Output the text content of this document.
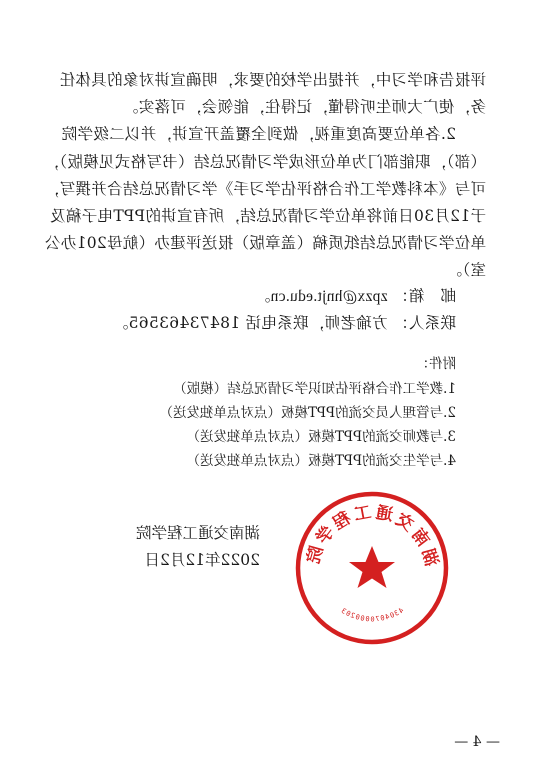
评报告和学习中，并提出学校的要求，明确宣讲对象的具体任
务，使广大师生听得懂，记得住，能领会，可落实。
2.各单位要高度重视，做到全覆盖开宣讲，并以二级学院
（部），职能部门为单位形成学习情况总结（书写格式见模版），
可与《本科教学工作合格评估学习手》学习情况总结合并撰写，
于12月30日前将单位学习情况总结，所有宣讲的PPT电子稿及
单位学习情况总结纸质稿（盖章版）报送评建办（航母201办公
室）。
邮　箱： zpzx@hnjt.edu.cn。
联系人： 方瑜老师，联系电话 18473463565。
附件：
1.教学工作合格评估知识学习情况总结（模版）
2.与管理人员交流的PPT模板（点对点单独发送）
3.与教师交流的PPT模板（点对点单独发送）
4.与学生交流的PPT模板（点对点单独发送）
湖南交通工程学院
2022年12月2日
— 4 —
湖南交通工程学院
4304070000203
